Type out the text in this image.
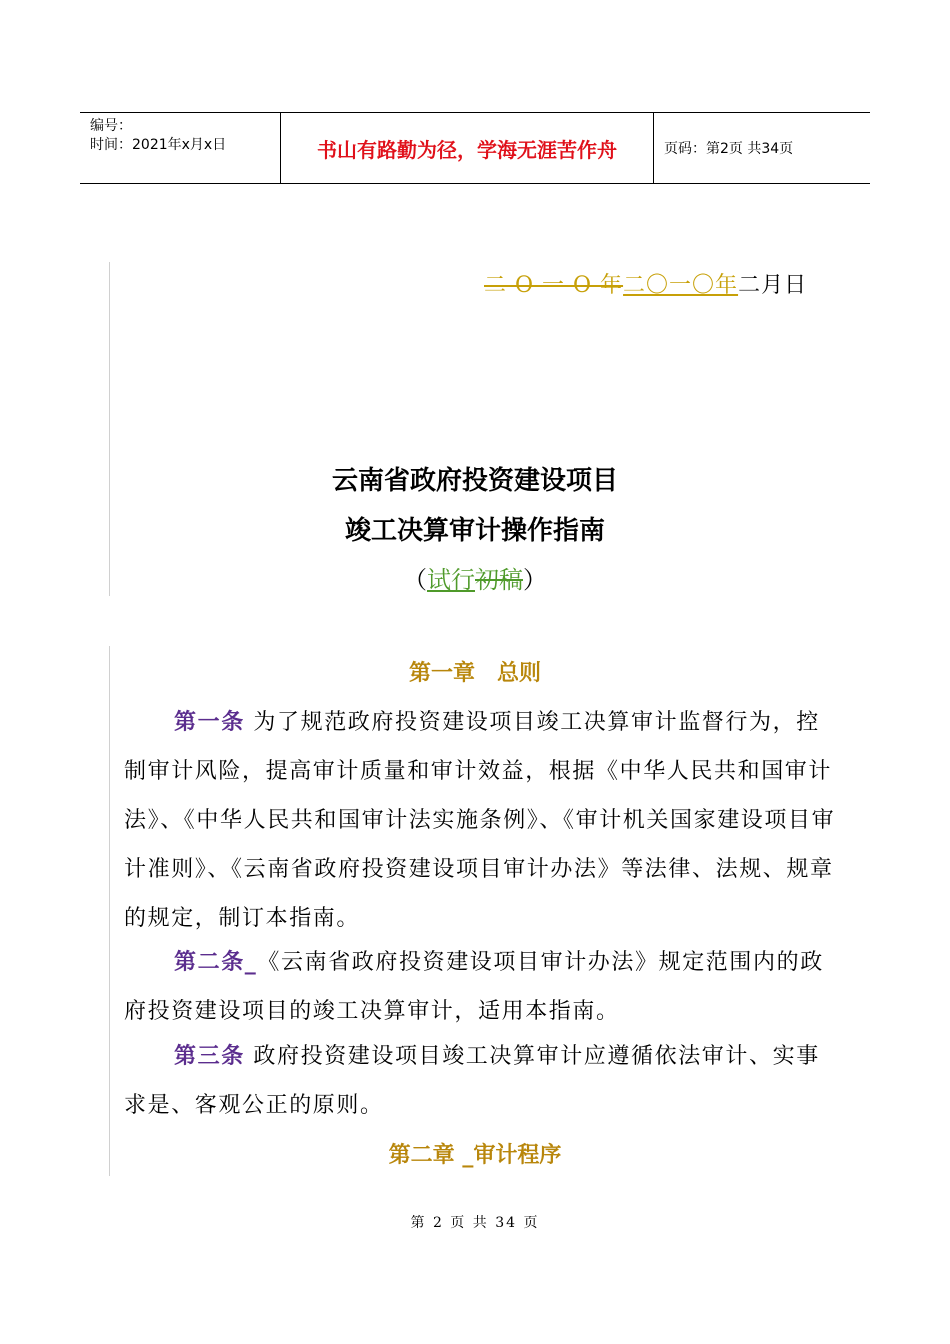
编号：
时间：2021年x月x日	书山有路勤为径，学海无涯苦作舟	页码：第2页 共34页
二 O 一 O 年二〇一〇年二月日
云南省政府投资建设项目
竣工决算审计操作指南
（试行初稿）
第一章　总则
第一条 为了规范政府投资建设项目竣工决算审计监督行为，控制审计风险，提高审计质量和审计效益，根据《中华人民共和国审计法》、《中华人民共和国审计法实施条例》、《审计机关国家建设项目审计准则》、《云南省政府投资建设项目审计办法》等法律、法规、规章的规定，制订本指南。
第二条_《云南省政府投资建设项目审计办法》规定范围内的政府投资建设项目的竣工决算审计，适用本指南。
第三条 政府投资建设项目竣工决算审计应遵循依法审计、实事求是、客观公正的原则。
第二章 _审计程序
第 2 页 共 34 页
